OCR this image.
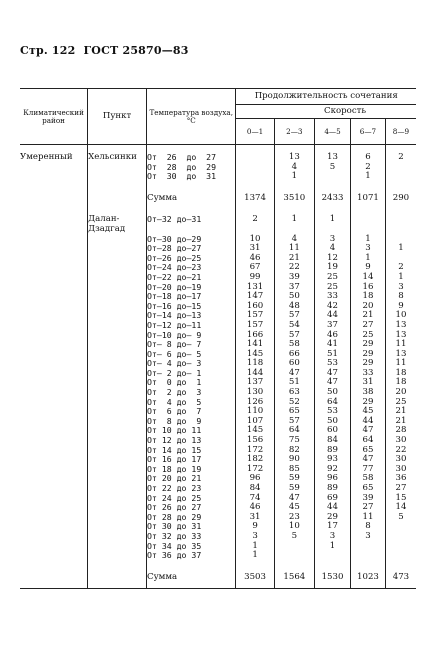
Стр. 122 ГОСТ 25870—83
Климатический район	Пункт	Температура воздуха, °С	Продолжительность сочетания				
				Скорость			
			0—1	2—3	4—5	6—7	8—9

Умеренный	Хельсинки	От  26  до  27		13	13	6	2
		От  28  до  29		4	5	2	
		От  30  до  31		1		1	

		Сумма	1374	3510	2433	1071	290

	Далан-Дзадгад	От—32 до—31	2	1	1		
		От—30 до—29	10	4	3	1	
		От—28 до—27	31	11	4	3	1
		От—26 до—25	46	21	12	1	
		От—24 до—23	67	22	19	9	2
		От—22 до—21	99	39	25	14	1
		От—20 до—19	131	37	25	16	3
		От—18 до—17	147	50	33	18	8
		От—16 до—15	160	48	42	20	9
		От—14 до—13	157	57	44	21	10
		От—12 до—11	157	54	37	27	13
		От—10 до— 9	166	57	46	25	13
		От— 8 до— 7	141	58	41	29	11
		От— 6 до— 5	145	66	51	29	13
		От— 4 до— 3	118	60	53	29	11
		От— 2 до— 1	144	47	47	33	18
		От  0 до  1	137	51	47	31	18
		От  2 до  3	130	63	50	38	20
		От  4 до  5	126	52	64	29	25
		От  6 до  7	110	65	53	45	21
		От  8 до  9	107	57	50	44	21
		От 10 до 11	145	64	60	47	28
		От 12 до 13	156	75	84	64	30
		От 14 до 15	172	82	89	65	22
		От 16 до 17	182	90	93	47	30
		От 18 до 19	172	85	92	77	30
		От 20 до 21	96	59	96	58	36
		От 22 до 23	84	59	89	65	27
		От 24 до 25	74	47	69	39	15
		От 26 до 27	46	45	44	27	14
		От 28 до 29	31	23	29	11	5
		От 30 до 31	9	10	17	8	
		От 32 до 33	3	5	3	3	
		От 34 до 35	1		1		
		От 36 до 37	1				

		Сумма	3503	1564	1530	1023	473
